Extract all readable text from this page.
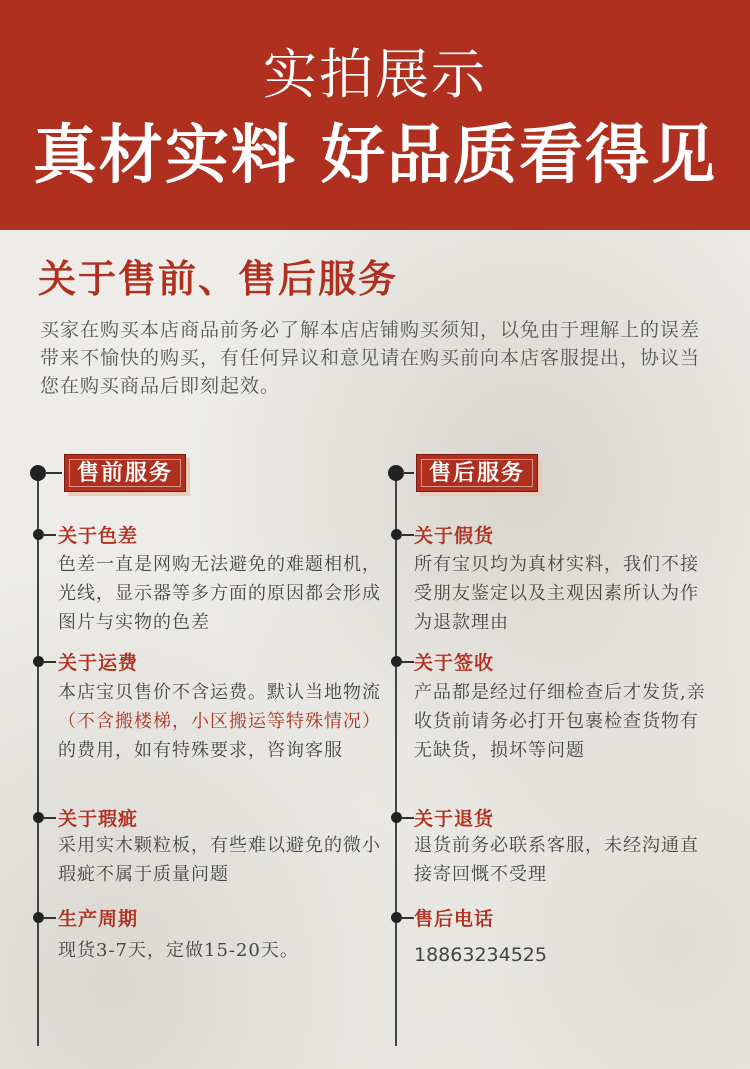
实拍展示
真材实料 好品质看得见
关于售前、售后服务
买家在购买本店商品前务必了解本店店铺购买须知，以免由于理解上的误差带来不愉快的购买，有任何异议和意见请在购买前向本店客服提出，协议当您在购买商品后即刻起效。
售前服务
关于色差
色差一直是网购无法避免的难题相机，光线，显示器等多方面的原因都会形成图片与实物的色差
关于运费
本店宝贝售价不含运费。默认当地物流（不含搬楼梯，小区搬运等特殊情况）的费用，如有特殊要求，咨询客服
关于瑕疵
采用实木颗粒板，有些难以避免的微小瑕疵不属于质量问题
生产周期
现货3-7天，定做15-20天。
售后服务
关于假货
所有宝贝均为真材实料，我们不接受朋友鉴定以及主观因素所认为作为退款理由
关于签收
产品都是经过仔细检查后才发货,亲收货前请务必打开包裹检查货物有无缺货，损坏等问题
关于退货
退货前务必联系客服，未经沟通直接寄回慨不受理
售后电话
18863234525
